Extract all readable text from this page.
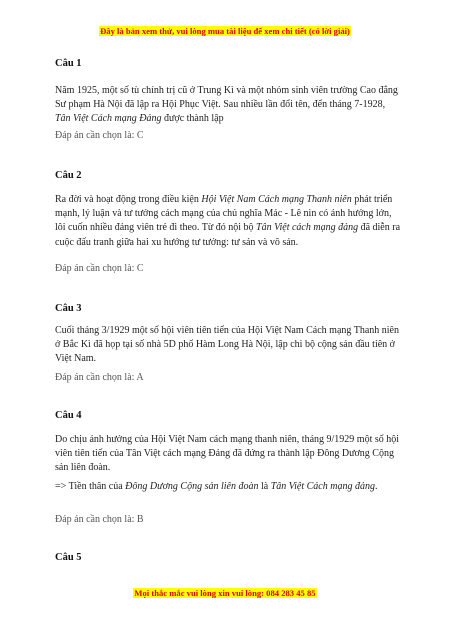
Đây là bản xem thử, vui lòng mua tài liệu để xem chi tiết (có lời giải)
Câu 1
Năm 1925, một số tù chính trị cũ ở Trung Kì và một nhóm sinh viên trường Cao đẳng Sư phạm Hà Nội đã lập ra Hội Phục Việt. Sau nhiều lần đổi tên, đến tháng 7-1928, Tân Việt Cách mạng Đảng được thành lập
Đáp án cần chọn là: C
Câu 2
Ra đời và hoạt động trong điều kiện Hội Việt Nam Cách mạng Thanh niên phát triển mạnh, lý luận và tư tưởng cách mạng của chủ nghĩa Mác - Lê nin có ảnh hưởng lớn, lôi cuốn nhiều đảng viên trẻ đi theo. Từ đó nội bộ Tân Việt cách mạng đảng đã diễn ra cuộc đấu tranh giữa hai xu hướng tư tưởng: tư sản và vô sản.
Đáp án cần chọn là: C
Câu 3
Cuối tháng 3/1929 một số hội viên tiên tiến của Hội Việt Nam Cách mạng Thanh niên ở Bắc Kì đã họp tại số nhà 5D phố Hàm Long Hà Nội, lập chi bộ cộng sản đầu tiên ở Việt Nam.
Đáp án cần chọn là: A
Câu 4
Do chịu ảnh hưởng của Hội Việt Nam cách mạng thanh niên, tháng 9/1929 một số hội viên tiên tiến của Tân Việt cách mạng Đảng đã đứng ra thành lập Đông Dương Cộng sản liên đoàn.
=> Tiền thân của Đông Dương Cộng sản liên đoàn là Tân Việt Cách mạng đảng.
Đáp án cần chọn là: B
Câu 5
Mọi thắc mắc vui lòng xin vui lòng: 084 283 45 85
